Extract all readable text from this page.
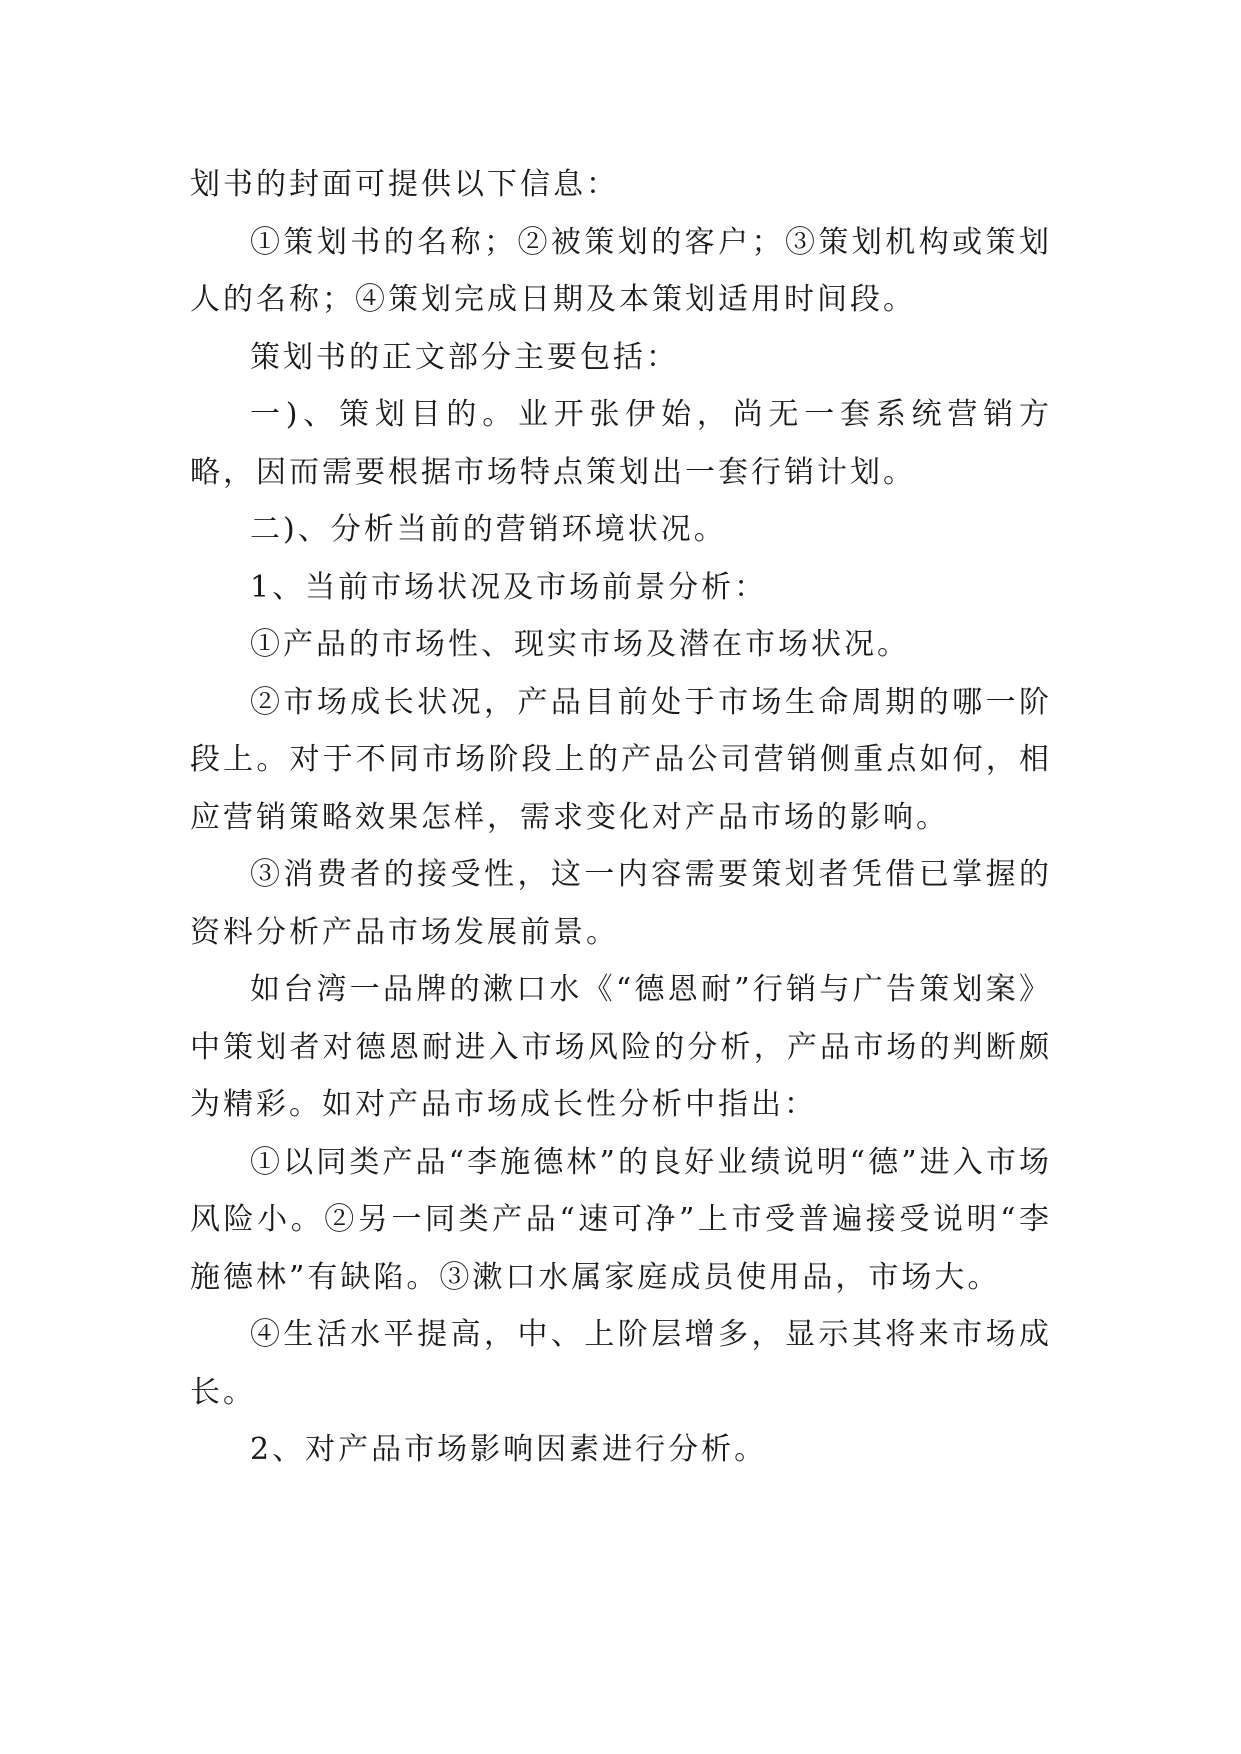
划书的封面可提供以下信息：

①策划书的名称；②被策划的客户；③策划机构或策划人的名称；④策划完成日期及本策划适用时间段。

策划书的正文部分主要包括：

一)、策划目的。业开张伊始，尚无一套系统营销方略，因而需要根据市场特点策划出一套行销计划。

二)、分析当前的营销环境状况。

1、当前市场状况及市场前景分析：

①产品的市场性、现实市场及潜在市场状况。

②市场成长状况，产品目前处于市场生命周期的哪一阶段上。对于不同市场阶段上的产品公司营销侧重点如何，相应营销策略效果怎样，需求变化对产品市场的影响。

③消费者的接受性，这一内容需要策划者凭借已掌握的资料分析产品市场发展前景。

如台湾一品牌的漱口水《“德恩耐”行销与广告策划案》中策划者对德恩耐进入市场风险的分析，产品市场的判断颇为精彩。如对产品市场成长性分析中指出：

①以同类产品“李施德林”的良好业绩说明“德”进入市场风险小。②另一同类产品“速可净”上市受普遍接受说明“李施德林”有缺陷。③漱口水属家庭成员使用品，市场大。

④生活水平提高，中、上阶层增多，显示其将来市场成长。

2、对产品市场影响因素进行分析。
